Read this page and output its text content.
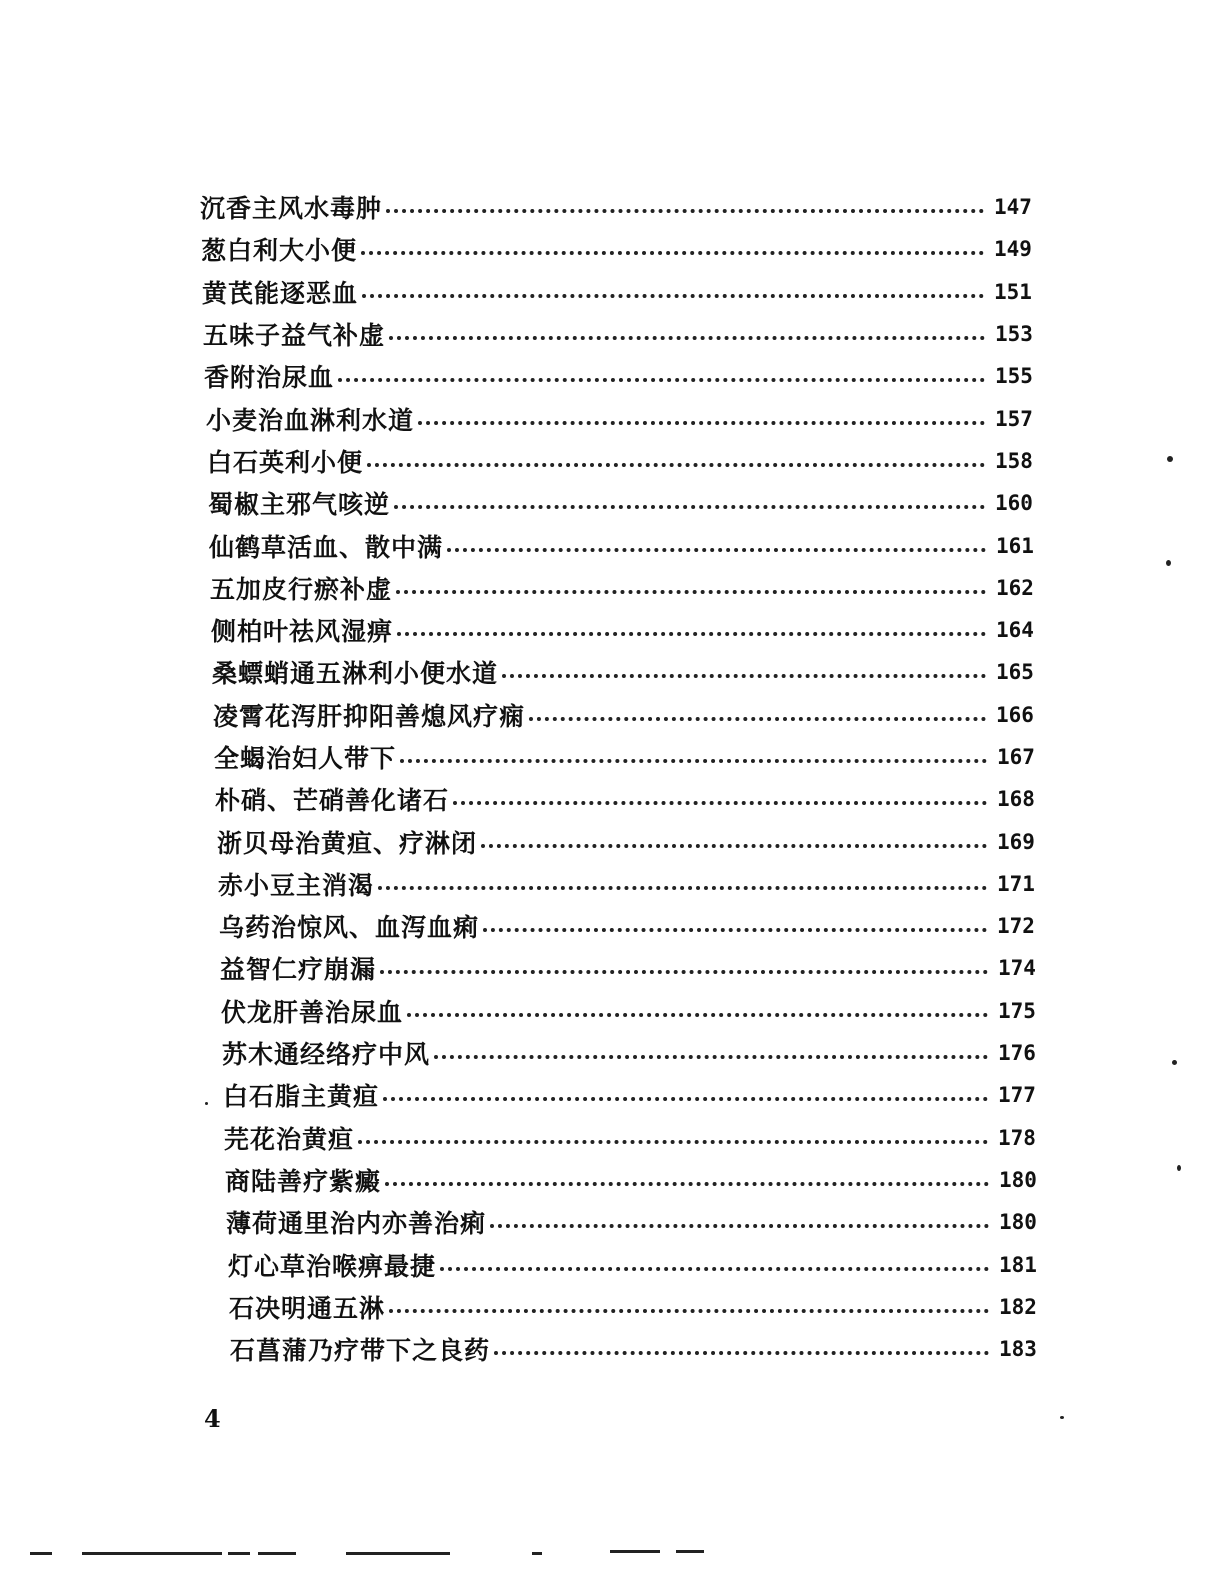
沉香主风水毒肿	147
葱白利大小便	149
黄芪能逐恶血	151
五味子益气补虚	153
香附治尿血	155
小麦治血淋利水道	157
白石英利小便	158
蜀椒主邪气咳逆	160
仙鹤草活血、散中满	161
五加皮行瘀补虚	162
侧柏叶祛风湿痹	164
桑螵蛸通五淋利小便水道	165
凌霄花泻肝抑阳善熄风疗痫	166
全蝎治妇人带下	167
朴硝、芒硝善化诸石	168
浙贝母治黄疸、疗淋闭	169
赤小豆主消渴	171
乌药治惊风、血泻血痢	172
益智仁疗崩漏	174
伏龙肝善治尿血	175
苏木通经络疗中风	176
白石脂主黄疸	177
芫花治黄疸	178
商陆善疗紫癜	180
薄荷通里治内亦善治痢	180
灯心草治喉痹最捷	181
石决明通五淋	182
石菖蒲乃疗带下之良药	183
4
